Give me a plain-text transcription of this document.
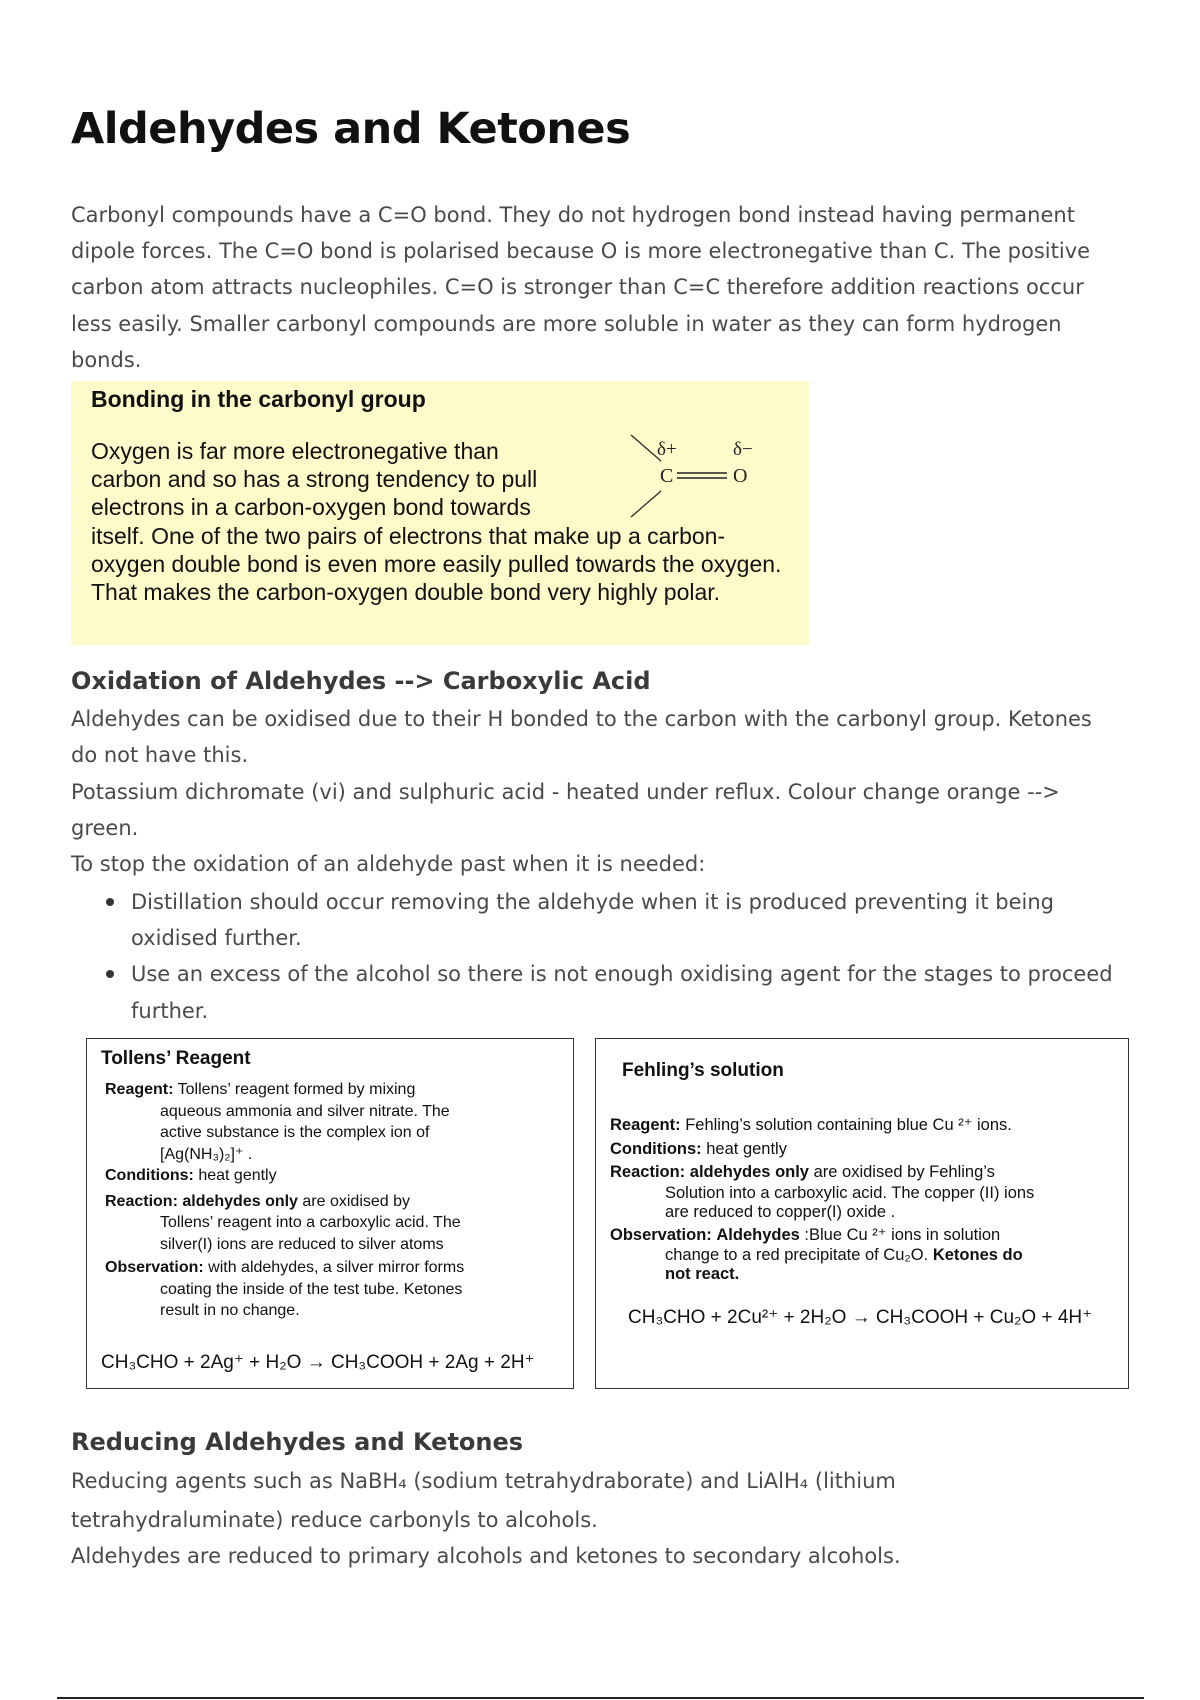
Aldehydes and Ketones

Carbonyl compounds have a C=O bond. They do not hydrogen bond instead having permanent dipole forces. The C=O bond is polarised because O is more electronegative than C. The positive carbon atom attracts nucleophiles. C=O is stronger than C=C therefore addition reactions occur less easily. Smaller carbonyl compounds are more soluble in water as they can form hydrogen bonds.

Bonding in the carbonyl group

Oxygen is far more electronegative than
carbon and so has a strong tendency to pull
electrons in a carbon-oxygen bond towards
itself. One of the two pairs of electrons that make up a carbon-oxygen double bond is even more easily pulled towards the oxygen. That makes the carbon-oxygen double bond very highly polar.
δ+	δ−
C	O
Oxidation of Aldehydes --> Carboxylic Acid

Aldehydes can be oxidised due to their H bonded to the carbon with the carbonyl group. Ketones do not have this.

Potassium dichromate (vi) and sulphuric acid - heated under reflux. Colour change orange --> green.

To stop the oxidation of an aldehyde past when it is needed:

Distillation should occur removing the aldehyde when it is produced preventing it being oxidised further.
Use an excess of the alcohol so there is not enough oxidising agent for the stages to proceed further.

Tollens’ Reagent

Reagent: Tollens’ reagent formed by mixing
aqueous ammonia and silver nitrate. The
active substance is the complex ion of
[Ag(NH₃)₂]⁺ .
Conditions: heat gently
Reaction: aldehydes only are oxidised by
Tollens’ reagent into a carboxylic acid. The
silver(I) ions are reduced to silver atoms
Observation: with aldehydes, a silver mirror forms
coating the inside of the test tube. Ketones
result in no change.

CH₃CHO + 2Ag⁺ + H₂O → CH₃COOH + 2Ag + 2H⁺

Fehling’s solution

Reagent: Fehling’s solution containing blue Cu ²⁺ ions.
Conditions: heat gently
Reaction: aldehydes only are oxidised by Fehling’s
Solution into a carboxylic acid. The copper (II) ions
are reduced to copper(I) oxide .
Observation: Aldehydes :Blue Cu ²⁺ ions in solution
change to a red precipitate of Cu₂O. Ketones do
not react.

CH₃CHO + 2Cu²⁺ + 2H₂O → CH₃COOH + Cu₂O + 4H⁺

Reducing Aldehydes and Ketones

Reducing agents such as NaBH₄ (sodium tetrahydraborate) and LiAlH₄ (lithium tetrahydraluminate) reduce carbonyls to alcohols.

Aldehydes are reduced to primary alcohols and ketones to secondary alcohols.
